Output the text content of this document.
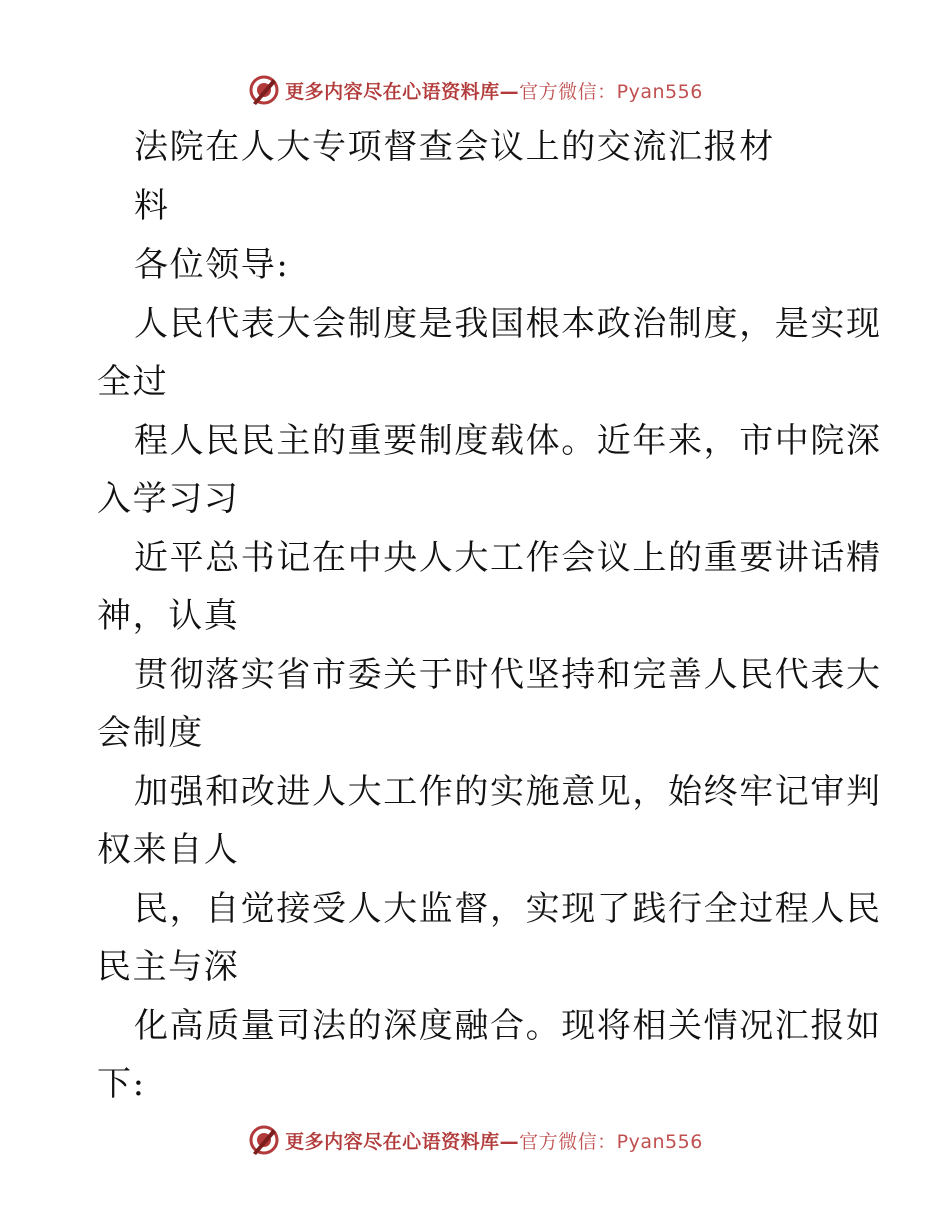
更多内容尽在心语资料库—官方微信：Pyan556
法院在人大专项督查会议上的交流汇报材
料
各位领导:
人民代表大会制度是我国根本政治制度，是实现
全过
程人民民主的重要制度载体。近年来，市中院深
入学习习
近平总书记在中央人大工作会议上的重要讲话精
神，认真
贯彻落实省市委关于时代坚持和完善人民代表大
会制度
加强和改进人大工作的实施意见，始终牢记审判
权来自人
民，自觉接受人大监督，实现了践行全过程人民
民主与深
化高质量司法的深度融合。现将相关情况汇报如
下:
更多内容尽在心语资料库—官方微信：Pyan556
